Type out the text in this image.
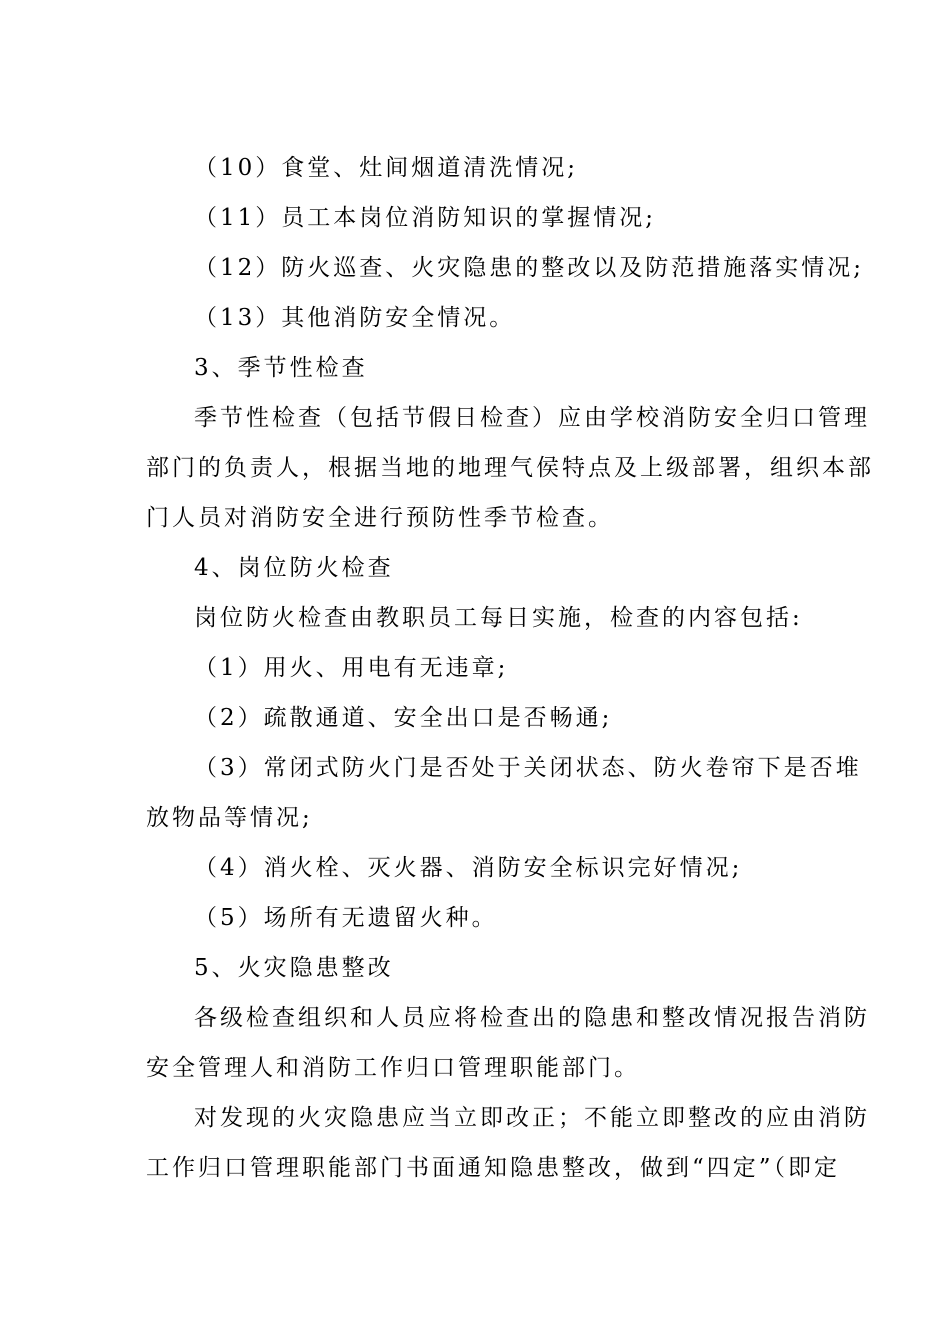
（10）食堂、灶间烟道清洗情况;
（11）员工本岗位消防知识的掌握情况;
（12）防火巡查、火灾隐患的整改以及防范措施落实情况;
（13）其他消防安全情况。
3、季节性检查
季节性检查（包括节假日检查）应由学校消防安全归口管理
部门的负责人，根据当地的地理气侯特点及上级部署，组织本部
门人员对消防安全进行预防性季节检查。
4、岗位防火检查
岗位防火检查由教职员工每日实施，检查的内容包括:
（1）用火、用电有无违章;
（2）疏散通道、安全出口是否畅通;
（3）常闭式防火门是否处于关闭状态、防火卷帘下是否堆
放物品等情况;
（4）消火栓、灭火器、消防安全标识完好情况;
（5）场所有无遗留火种。
5、火灾隐患整改
各级检查组织和人员应将检查出的隐患和整改情况报告消防
安全管理人和消防工作归口管理职能部门。
对发现的火灾隐患应当立即改正；不能立即整改的应由消防
工作归口管理职能部门书面通知隐患整改，做到“四定”（即定
